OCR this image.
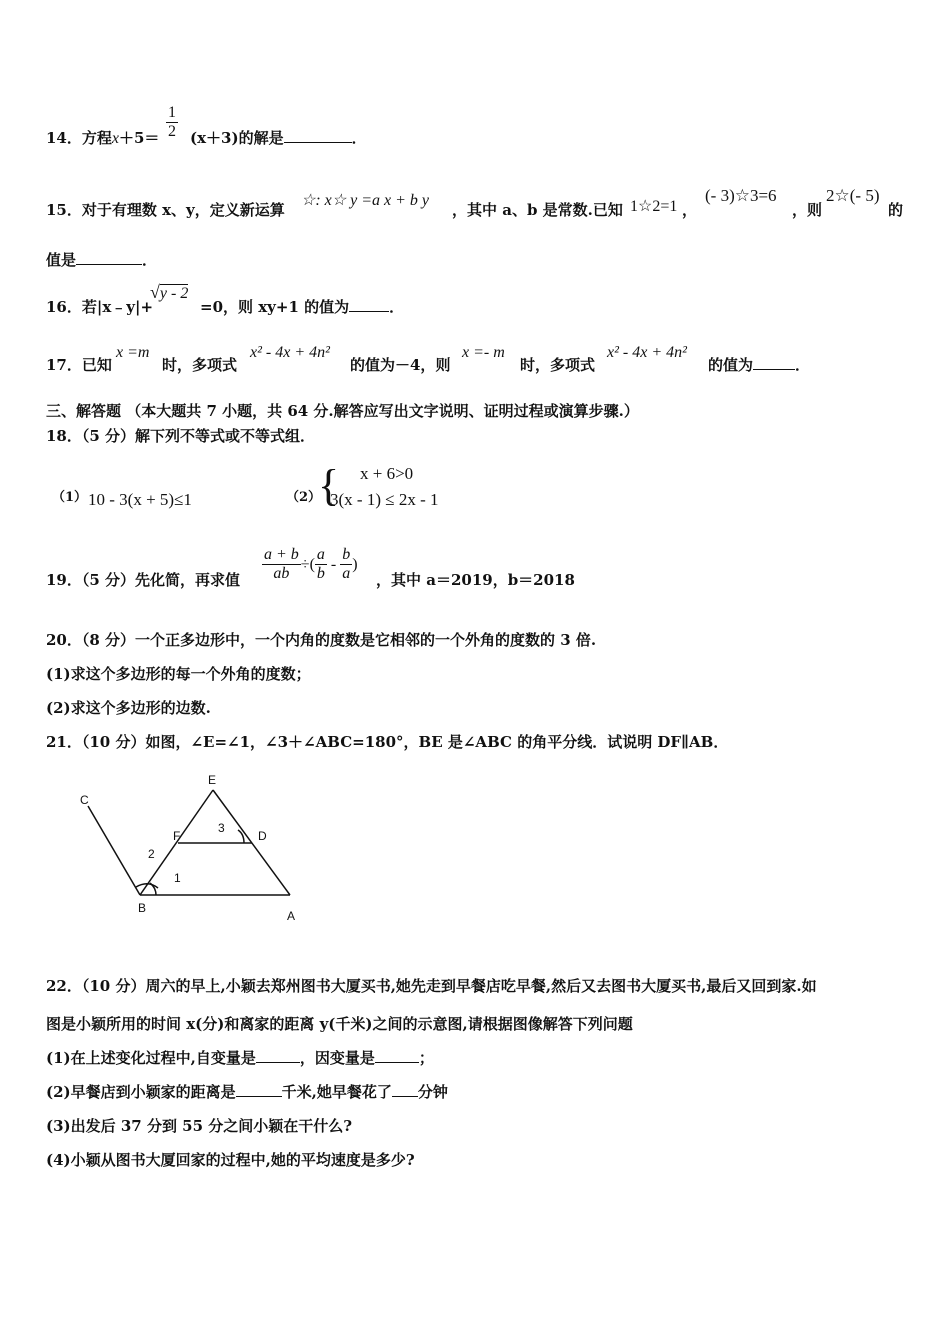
14．方程$x+5= \frac{1}{2} (x+3)$的解是	．
15．对于有理数 x、y，定义新运算
☆: x☆ y =a x + b y
，其中 a、b 是常数.已知 1☆2=1 ，
(- 3)☆3=6
，则
2☆(- 5)
的
值是	．
16．若|x﹣y|+
√y - 2
=0，则 xy+1 的值为	．
17．已知
x =m
时，多项式
x² - 4x + 4n²
的值为－4，则
x =- m
时，多项式
x² - 4x + 4n²
的值为	．
三、解答题 （本大题共 7 小题，共 64 分.解答应写出文字说明、证明过程或演算步骤.）
18．（5 分）解下列不等式或不等式组．
（1） 10 - 3(x + 5)≤1	（2）
{ x + 6>0
3(x - 1) ≤ 2x - 1
19．（5 分）先化简，再求值 $\frac{a + b}{ab}$ ÷( $\frac{a}{b} - \frac{b}{a}$ )
，其中 a＝2019，b＝2018
20．（8 分）一个正多边形中，一个内角的度数是它相邻的一个外角的度数的 3 倍.
(1)求这个多边形的每一个外角的度数；
(2)求这个多边形的边数.
21．（10 分）如图，∠E=∠1，∠3＋∠ABC=180°，BE 是∠ABC 的角平分线．试说明 DF∥AB．
C
E
F	D
2
3
1
B
A
22．（10 分）周六的早上,小颖去郑州图书大厦买书,她先走到早餐店吃早餐,然后又去图书大厦买书,最后又回到家.如
图是小颖所用的时间 x(分)和离家的距离 y(千米)之间的示意图,请根据图像解答下列问题
(1)在上述变化过程中,自变量是	，因变量是	；
(2)早餐店到小颖家的距离是	千米,她早餐花了 分钟
(3)出发后 37 分到 55 分之间小颖在干什么?
(4)小颖从图书大厦回家的过程中,她的平均速度是多少?
